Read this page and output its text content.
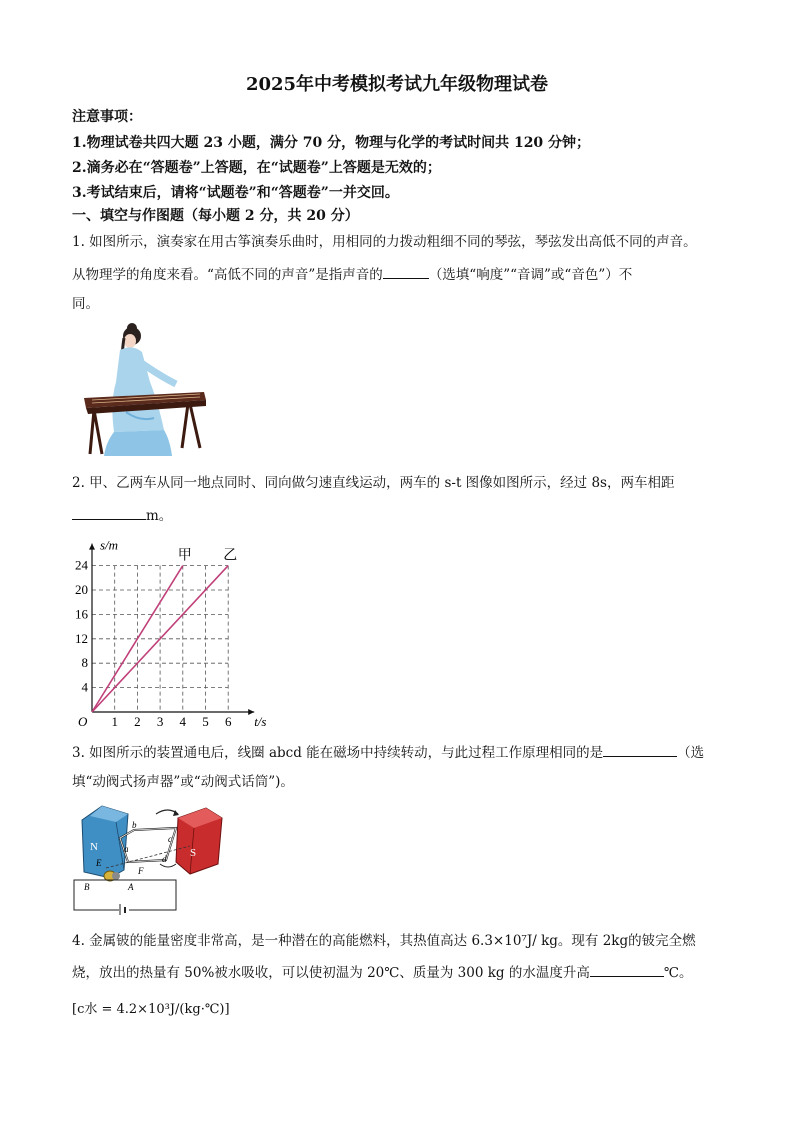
2025年中考模拟考试九年级物理试卷
注意事项：
1.物理试卷共四大题 23 小题，满分 70 分，物理与化学的考试时间共 120 分钟；
2.滴务必在“答题卷”上答题，在“试题卷”上答题是无效的；
3.考试结束后，请将“试题卷”和“答题卷”一并交回。
一、填空与作图题（每小题 2 分，共 20 分）
1. 如图所示，演奏家在用古筝演奏乐曲时，用相同的力拨动粗细不同的琴弦，琴弦发出高低不同的声音。
从物理学的角度来看。“高低不同的声音”是指声音的	（选填“响度”“音调”或“音色”）不
同。
2. 甲、乙两车从同一地点同时、同向做匀速直线运动，两车的 s-t 图像如图所示，经过 8s，两车相距
m。
1 2 3 4 5 6
4
8
12
16
20
24
t/s
s/m
O
甲 乙
3. 如图所示的装置通电后，线圈 abcd 能在磁场中持续转动，与此过程工作原理相同的是	（选
填“动阀式扬声器”或“动阀式话筒”)。
N	S
a
b
c
d
E
F
A
B
4. 金属铍的能量密度非常高，是一种潜在的高能燃料，其热值高达 6.3×10⁷J/ kg。现有 2kg的铍完全燃
烧，放出的热量有 50%被水吸收，可以使初温为 20℃、质量为 300 kg 的水温度升高	℃。
[c水 = 4.2×10³J/(kg·℃)]
